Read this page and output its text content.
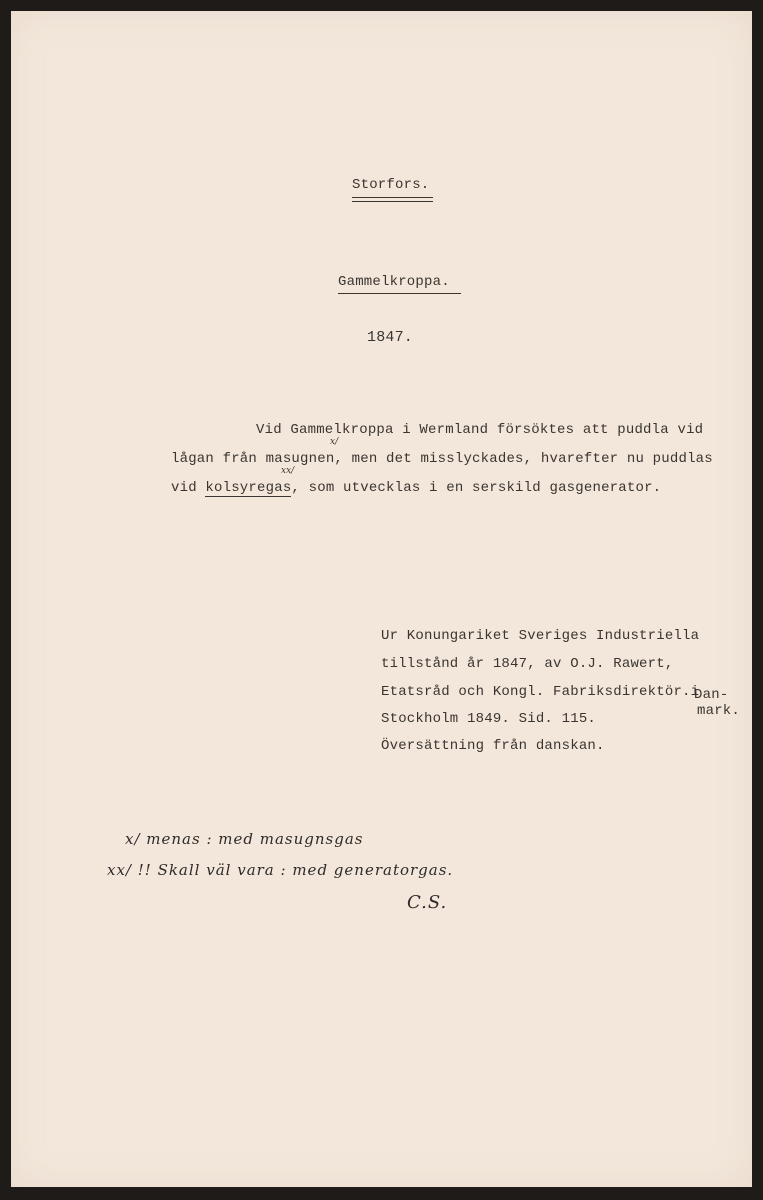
Storfors.
Gammelkroppa.
1847.
Vid Gammelkroppa i Wermland försöktes att puddla vid
lågan från masugnen, men det misslyckades, hvarefter nu puddlas
x/
vid kolsyregas, som utvecklas i en serskild gasgenerator.
xx/
Ur Konungariket Sveriges Industriella
tillstånd år 1847, av O.J. Rawert,
Etatsråd och Kongl. Fabriksdirektör.i
Dan-
mark.
Stockholm 1849. Sid. 115.
Översättning från danskan.
x/ menas : med masugnsgas
xx/ !! Skall väl vara : med generatorgas.
C.S.
